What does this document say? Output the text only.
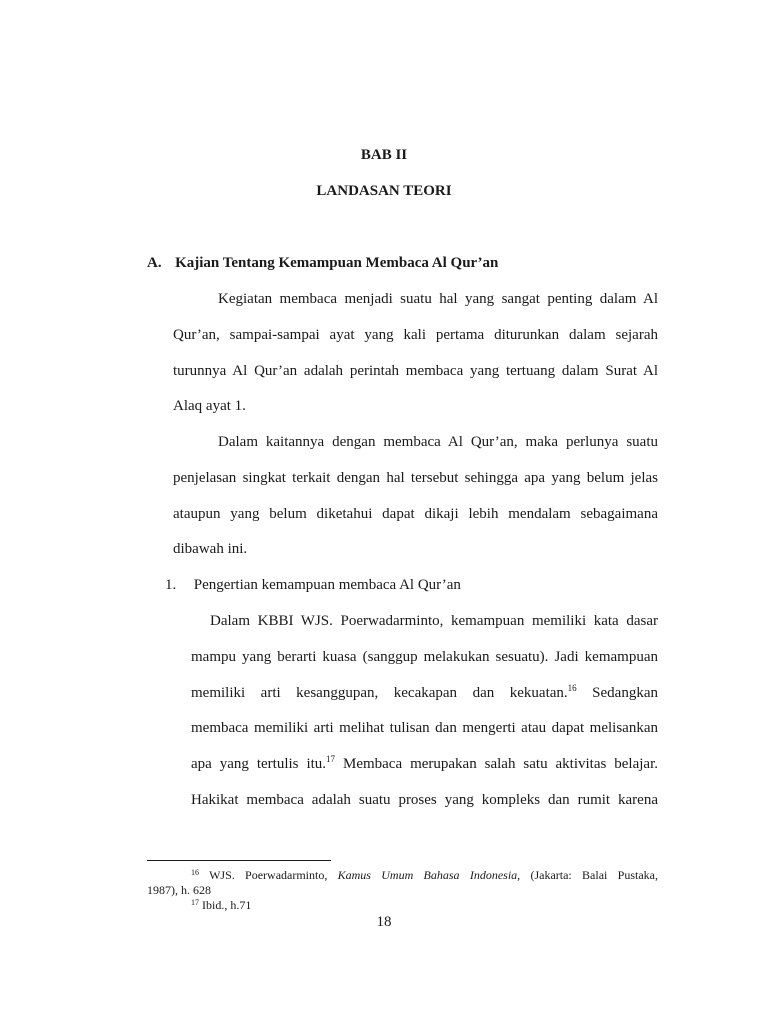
BAB II
LANDASAN TEORI
A. Kajian Tentang Kemampuan Membaca Al Qur’an
Kegiatan membaca menjadi suatu hal yang sangat penting dalam Al
Qur’an, sampai-sampai ayat yang kali pertama diturunkan dalam sejarah
turunnya Al Qur’an adalah perintah membaca yang tertuang dalam Surat Al
Alaq ayat 1.
Dalam kaitannya dengan membaca Al Qur’an, maka perlunya suatu
penjelasan singkat terkait dengan hal tersebut sehingga apa yang belum jelas
ataupun yang belum diketahui dapat dikaji lebih mendalam sebagaimana
dibawah ini.
1. Pengertian kemampuan membaca Al Qur’an
Dalam KBBI WJS. Poerwadarminto, kemampuan memiliki kata dasar
mampu yang berarti kuasa (sanggup melakukan sesuatu). Jadi kemampuan
memiliki arti kesanggupan, kecakapan dan kekuatan.$^{16}$ Sedangkan
membaca memiliki arti melihat tulisan dan mengerti atau dapat melisankan
apa yang tertulis itu.$^{17}$ Membaca merupakan salah satu aktivitas belajar.
Hakikat membaca adalah suatu proses yang kompleks dan rumit karena
$^{16}$ WJS. Poerwadarminto, Kamus Umum Bahasa Indonesia, (Jakarta: Balai Pustaka,
1987), h. 628
$^{17}$ Ibid., h.71
18
